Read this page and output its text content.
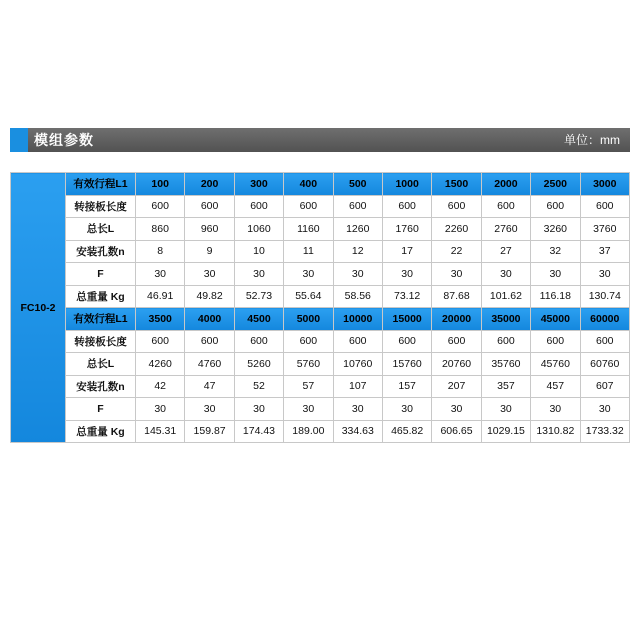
模组参数	单位：mm
FC10-2	有效行程L1	100	200	300	400	500	1000	1500	2000	2500	3000
	转接板长度	600	600	600	600	600	600	600	600	600	600
	总长L	860	960	1060	1160	1260	1760	2260	2760	3260	3760
	安装孔数n	8	9	10	11	12	17	22	27	32	37
	F	30	30	30	30	30	30	30	30	30	30
	总重量 Kg	46.91	49.82	52.73	55.64	58.56	73.12	87.68	101.62	116.18	130.74
	有效行程L1	3500	4000	4500	5000	10000	15000	20000	35000	45000	60000
	转接板长度	600	600	600	600	600	600	600	600	600	600
	总长L	4260	4760	5260	5760	10760	15760	20760	35760	45760	60760
	安装孔数n	42	47	52	57	107	157	207	357	457	607
	F	30	30	30	30	30	30	30	30	30	30
	总重量 Kg	145.31	159.87	174.43	189.00	334.63	465.82	606.65	1029.15	1310.82	1733.32
